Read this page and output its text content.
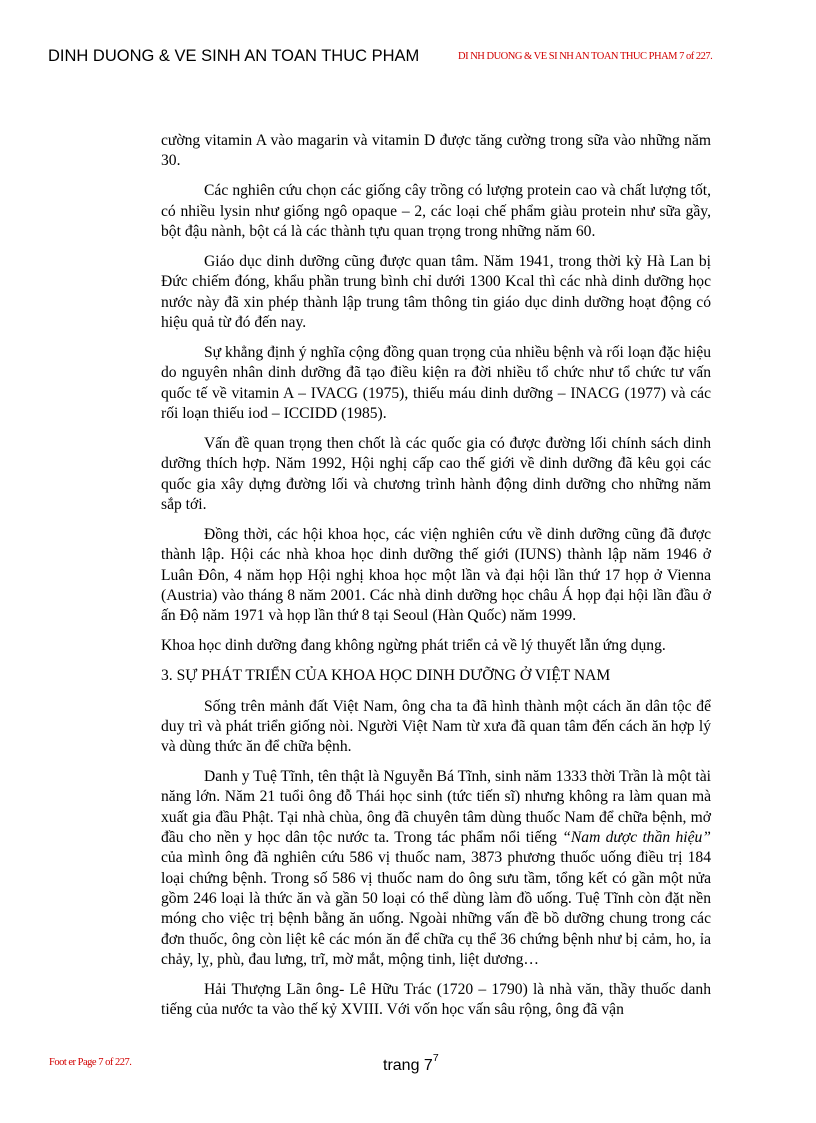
DINH DUONG & VE SINH AN TOAN THUC PHAM	DI NH DUONG & VE SI NH AN TOAN THUC PHAM 7 of 227.

cường vitamin A vào magarin và vitamin D được tăng cường trong sữa vào những năm 30.

Các nghiên cứu chọn các giống cây trồng có lượng protein cao và chất lượng tốt, có nhiều lysin như giống ngô opaque – 2, các loại chế phẩm giàu protein như sữa gầy, bột đậu nành, bột cá là các thành tựu quan trọng trong những năm 60.

Giáo dục dinh dưỡng cũng được quan tâm. Năm 1941, trong thời kỳ Hà Lan bị Đức chiếm đóng, khẩu phần trung bình chỉ dưới 1300 Kcal thì các nhà dinh dưỡng học nước này đã xin phép thành lập trung tâm thông tin giáo dục dinh dưỡng hoạt động có hiệu quả từ đó đến nay.

Sự khẳng định ý nghĩa cộng đồng quan trọng của nhiều bệnh và rối loạn đặc hiệu do nguyên nhân dinh dưỡng đã tạo điều kiện ra đời nhiều tổ chức như tổ chức tư vấn quốc tế về vitamin A – IVACG (1975), thiếu máu dinh dưỡng – INACG (1977) và các rối loạn thiếu iod – ICCIDD (1985).

Vấn đề quan trọng then chốt là các quốc gia có được đường lối chính sách dinh dưỡng thích hợp. Năm 1992, Hội nghị cấp cao thế giới về dinh dưỡng đã kêu gọi các quốc gia xây dựng đường lối và chương trình hành động dinh dưỡng cho những năm sắp tới.

Đồng thời, các hội khoa học, các viện nghiên cứu về dinh dưỡng cũng đã được thành lập. Hội các nhà khoa học dinh dưỡng thế giới (IUNS) thành lập năm 1946 ở Luân Đôn, 4 năm họp Hội nghị khoa học một lần và đại hội lần thứ 17 họp ở Vienna (Austria) vào tháng 8 năm 2001. Các nhà dinh dưỡng học châu Á họp đại hội lần đầu ở ấn Độ năm 1971 và họp lần thứ 8 tại Seoul (Hàn Quốc) năm 1999.

Khoa học dinh dưỡng đang không ngừng phát triển cả về lý thuyết lẫn ứng dụng.

3. SỰ PHÁT TRIỂN CỦA KHOA HỌC DINH DƯỠNG Ở VIỆT NAM

Sống trên mảnh đất Việt Nam, ông cha ta đã hình thành một cách ăn dân tộc để duy trì và phát triển giống nòi. Người Việt Nam từ xưa đã quan tâm đến cách ăn hợp lý và dùng thức ăn để chữa bệnh.

Danh y Tuệ Tĩnh, tên thật là Nguyễn Bá Tĩnh, sinh năm 1333 thời Trần là một tài năng lớn. Năm 21 tuổi ông đỗ Thái học sinh (tức tiến sĩ) nhưng không ra làm quan mà xuất gia đầu Phật. Tại nhà chùa, ông đã chuyên tâm dùng thuốc Nam để chữa bệnh, mở đầu cho nền y học dân tộc nước ta. Trong tác phẩm nổi tiếng “Nam dược thần hiệu” của mình ông đã nghiên cứu 586 vị thuốc nam, 3873 phương thuốc uống điều trị 184 loại chứng bệnh. Trong số 586 vị thuốc nam do ông sưu tầm, tổng kết có gần một nửa gồm 246 loại là thức ăn và gần 50 loại có thể dùng làm đồ uống. Tuệ Tĩnh còn đặt nền móng cho việc trị bệnh bằng ăn uống. Ngoài những vấn đề bồ dưỡng chung trong các đơn thuốc, ông còn liệt kê các món ăn để chữa cụ thể 36 chứng bệnh như bị cảm, ho, ỉa chảy, lỵ, phù, đau lưng, trĩ, mờ mắt, mộng tinh, liệt dương…

Hải Thượng Lãn ông- Lê Hữu Trác (1720 – 1790) là nhà văn, thầy thuốc danh tiếng của nước ta vào thế kỷ XVIII. Với vốn học vấn sâu rộng, ông đã vận

Foot er Page 7 of 227.	trang $7^7$
